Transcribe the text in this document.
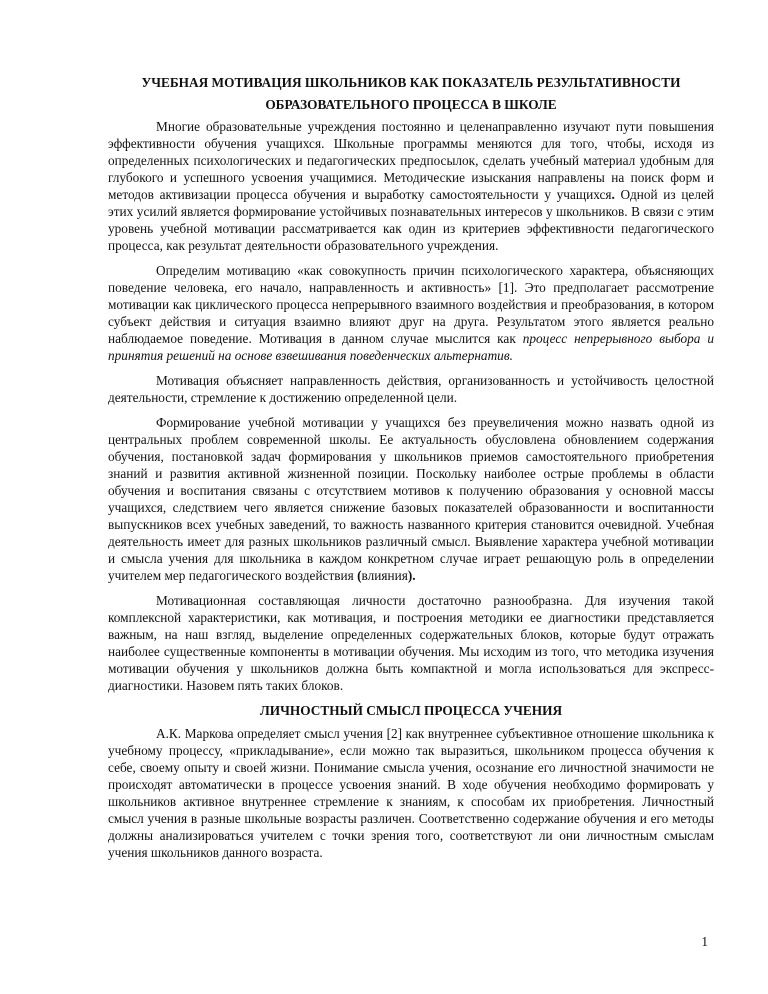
УЧЕБНАЯ МОТИВАЦИЯ ШКОЛЬНИКОВ КАК ПОКАЗАТЕЛЬ РЕЗУЛЬТАТИВНОСТИ
ОБРАЗОВАТЕЛЬНОГО ПРОЦЕССА В ШКОЛЕ

Многие образовательные учреждения постоянно и целенаправленно изучают пути повышения эффективности обучения учащихся. Школьные программы меняются для того, чтобы, исходя из определенных психологических и педагогических предпосылок, сделать учебный материал удобным для глубокого и успешного усвоения учащимися. Методические изыскания направлены на поиск форм и методов активизации процесса обучения и выработку самостоятельности у учащихся. Одной из целей этих усилий является формирование устойчивых познавательных интересов у школьников. В связи с этим уровень учебной мотивации рассматривается как один из критериев эффективности педагогического процесса, как результат деятельности образовательного учреждения.

Определим мотивацию «как совокупность причин психологического характера, объясняющих поведение человека, его начало, направленность и активность» [1]. Это предполагает рассмотрение мотивации как циклического процесса непрерывного взаимного воздействия и преобразования, в котором субъект действия и ситуация взаимно влияют друг на друга. Результатом этого является реально наблюдаемое поведение. Мотивация в данном случае мыслится как процесс непрерывного выбора и принятия решений на основе взвешивания поведенческих альтернатив.

Мотивация объясняет направленность действия, организованность и устойчивость целостной деятельности, стремление к достижению определенной цели.

Формирование учебной мотивации у учащихся без преувеличения можно назвать одной из центральных проблем современной школы. Ее актуальность обусловлена обновлением содержания обучения, постановкой задач формирования у школьников приемов самостоятельного приобретения знаний и развития активной жизненной позиции. Поскольку наиболее острые проблемы в области обучения и воспитания связаны с отсутствием мотивов к получению образования у основной массы учащихся, следствием чего является снижение базовых показателей образованности и воспитанности выпускников всех учебных заведений, то важность названного критерия становится очевидной. Учебная деятельность имеет для разных школьников различный смысл. Выявление характера учебной мотивации и смысла учения для школьника в каждом конкретном случае играет решающую роль в определении учителем мер педагогического воздействия (влияния).

Мотивационная составляющая личности достаточно разнообразна. Для изучения такой комплексной характеристики, как мотивация, и построения методики ее диагностики представляется важным, на наш взгляд, выделение определенных содержательных блоков, которые будут отражать наиболее существенные компоненты в мотивации обучения. Мы исходим из того, что методика изучения мотивации обучения у школьников должна быть компактной и могла использоваться для экспресс-диагностики. Назовем пять таких блоков.

ЛИЧНОСТНЫЙ СМЫСЛ ПРОЦЕССА УЧЕНИЯ

А.К. Маркова определяет смысл учения [2] как внутреннее субъективное отношение школьника к учебному процессу, «прикладывание», если можно так выразиться, школьником процесса обучения к себе, своему опыту и своей жизни. Понимание смысла учения, осознание его личностной значимости не происходят автоматически в процессе усвоения знаний. В ходе обучения необходимо формировать у школьников активное внутреннее стремление к знаниям, к способам их приобретения. Личностный смысл учения в разные школьные возрасты различен. Соответственно содержание обучения и его методы должны анализироваться учителем с точки зрения того, соответствуют ли они личностным смыслам учения школьников данного возраста.

1
